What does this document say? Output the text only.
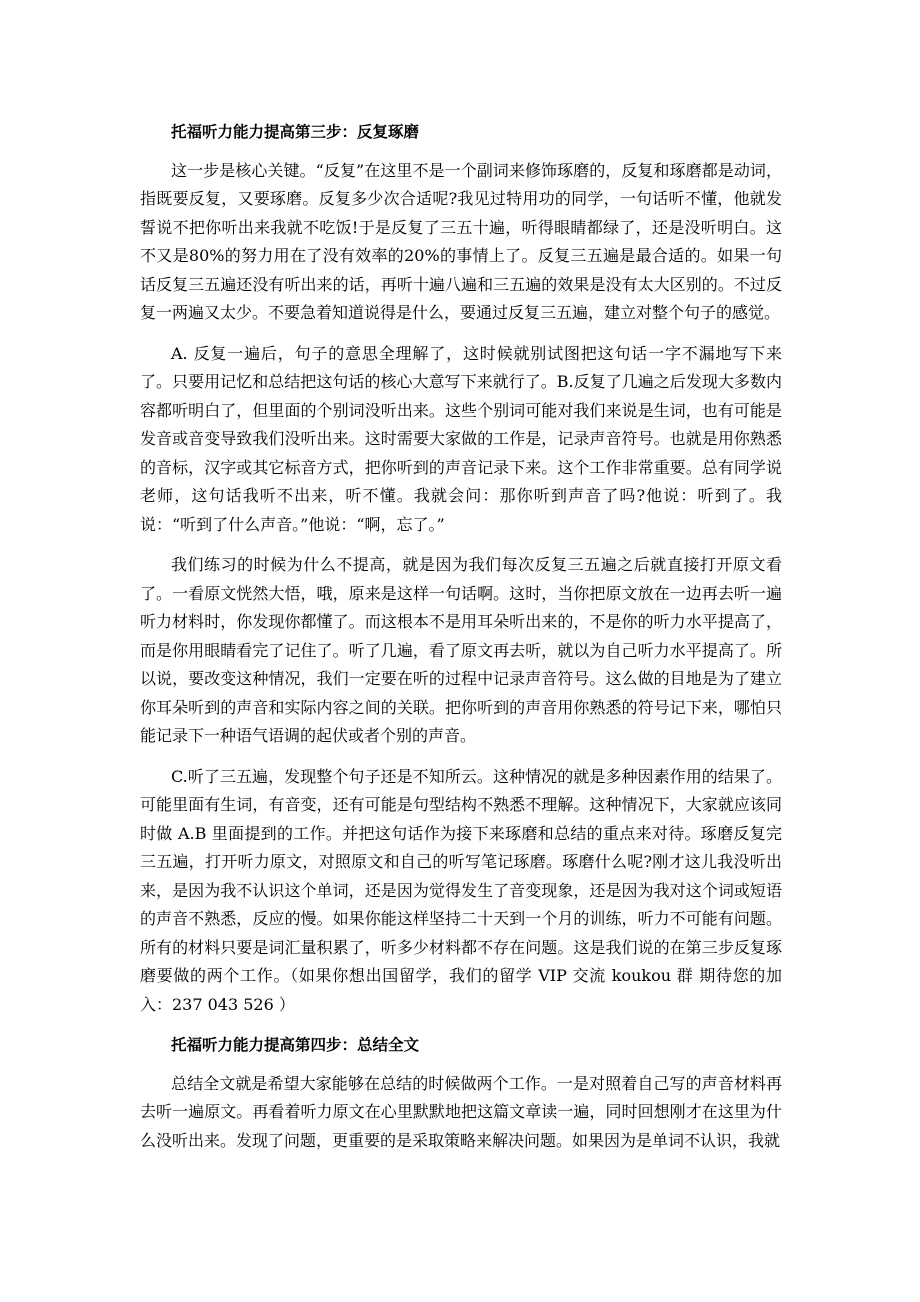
托福听力能力提高第三步：反复琢磨

这一步是核心关键。“反复”在这里不是一个副词来修饰琢磨的，反复和琢磨都是动词，指既要反复，又要琢磨。反复多少次合适呢?我见过特用功的同学，一句话听不懂，他就发誓说不把你听出来我就不吃饭!于是反复了三五十遍，听得眼睛都绿了，还是没听明白。这不又是80%的努力用在了没有效率的20%的事情上了。反复三五遍是最合适的。如果一句话反复三五遍还没有听出来的话，再听十遍八遍和三五遍的效果是没有太大区别的。不过反复一两遍又太少。不要急着知道说得是什么，要通过反复三五遍，建立对整个句子的感觉。

A. 反复一遍后，句子的意思全理解了，这时候就别试图把这句话一字不漏地写下来了。只要用记忆和总结把这句话的核心大意写下来就行了。B.反复了几遍之后发现大多数内容都听明白了，但里面的个别词没听出来。这些个别词可能对我们来说是生词，也有可能是发音或音变导致我们没听出来。这时需要大家做的工作是，记录声音符号。也就是用你熟悉的音标，汉字或其它标音方式，把你听到的声音记录下来。这个工作非常重要。总有同学说 老师，这句话我听不出来，听不懂。我就会问：那你听到声音了吗?他说：听到了。我说：“听到了什么声音。”他说：“啊，忘了。”

我们练习的时候为什么不提高，就是因为我们每次反复三五遍之后就直接打开原文看了。一看原文恍然大悟，哦，原来是这样一句话啊。这时，当你把原文放在一边再去听一遍听力材料时，你发现你都懂了。而这根本不是用耳朵听出来的，不是你的听力水平提高了，而是你用眼睛看完了记住了。听了几遍，看了原文再去听，就以为自己听力水平提高了。所以说，要改变这种情况，我们一定要在听的过程中记录声音符号。这么做的目地是为了建立你耳朵听到的声音和实际内容之间的关联。把你听到的声音用你熟悉的符号记下来，哪怕只能记录下一种语气语调的起伏或者个别的声音。

C.听了三五遍，发现整个句子还是不知所云。这种情况的就是多种因素作用的结果了。可能里面有生词，有音变，还有可能是句型结构不熟悉不理解。这种情况下，大家就应该同时做 A.B 里面提到的工作。并把这句话作为接下来琢磨和总结的重点来对待。琢磨反复完三五遍，打开听力原文，对照原文和自己的听写笔记琢磨。琢磨什么呢?刚才这儿我没听出来，是因为我不认识这个单词，还是因为觉得发生了音变现象，还是因为我对这个词或短语的声音不熟悉，反应的慢。如果你能这样坚持二十天到一个月的训练，听力不可能有问题。所有的材料只要是词汇量积累了，听多少材料都不存在问题。这是我们说的在第三步反复琢磨要做的两个工作。（如果你想出国留学，我们的留学 VIP 交流 koukou 群 期待您的加入：237 043 526 ）

托福听力能力提高第四步：总结全文

总结全文就是希望大家能够在总结的时候做两个工作。一是对照着自己写的声音材料再去听一遍原文。再看着听力原文在心里默默地把这篇文章读一遍，同时回想刚才在这里为什么没听出来。发现了问题，更重要的是采取策略来解决问题。如果因为是单词不认识，我就
